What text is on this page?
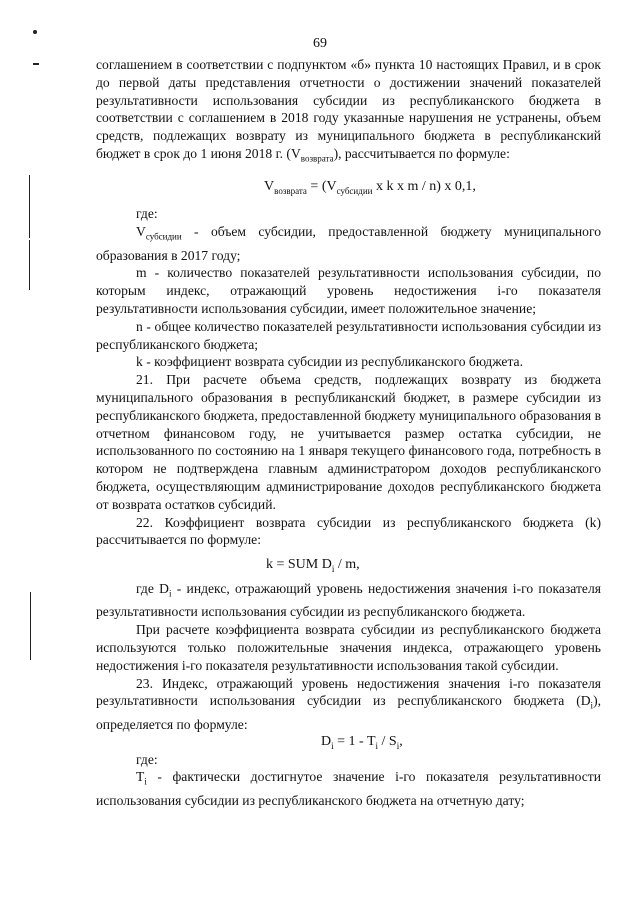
69

соглашением в соответствии с подпунктом «б» пункта 10 настоящих Правил, и в срок до первой даты представления отчетности о достижении значений показателей результативности использования субсидии из республиканского бюджета в соответствии с соглашением в 2018 году указанные нарушения не устранены, объем средств, подлежащих возврату из муниципального бюджета в республиканский бюджет в срок до 1 июня 2018 г. $(V_{возврата})$, рассчитывается по формуле:

$V_{возврата} = (V_{субсидии}$ x k x m / n) x 0,1,

где:

$V_{субсидии}$ - объем субсидии, предоставленной бюджету муниципального образования в 2017 году;

m - количество показателей результативности использования субсидии, по которым индекс, отражающий уровень недостижения i-го показателя результативности использования субсидии, имеет положительное значение;

n - общее количество показателей результативности использования субсидии из республиканского бюджета;

k - коэффициент возврата субсидии из республиканского бюджета.

21. При расчете объема средств, подлежащих возврату из бюджета муниципального образования в республиканский бюджет, в размере субсидии из республиканского бюджета, предоставленной бюджету муниципального образования в отчетном финансовом году, не учитывается размер остатка субсидии, не использованного по состоянию на 1 января текущего финансового года, потребность в котором не подтверждена главным администратором доходов республиканского бюджета, осуществляющим администрирование доходов республиканского бюджета от возврата остатков субсидий.

22. Коэффициент возврата субсидии из республиканского бюджета (k) рассчитывается по формуле:

k = SUM $D_i$ / m,

где $D_i$ - индекс, отражающий уровень недостижения значения i-го показателя результативности использования субсидии из республиканского бюджета.

При расчете коэффициента возврата субсидии из республиканского бюджета используются только положительные значения индекса, отражающего уровень недостижения i-го показателя результативности использования такой субсидии.

23. Индекс, отражающий уровень недостижения значения i-го показателя результативности использования субсидии из республиканского бюджета $(D_i)$, определяется по формуле:

$D_i = 1 - T_i / S_i$,

где:

$T_i$ - фактически достигнутое значение i-го показателя результативности использования субсидии из республиканского бюджета на отчетную дату;
